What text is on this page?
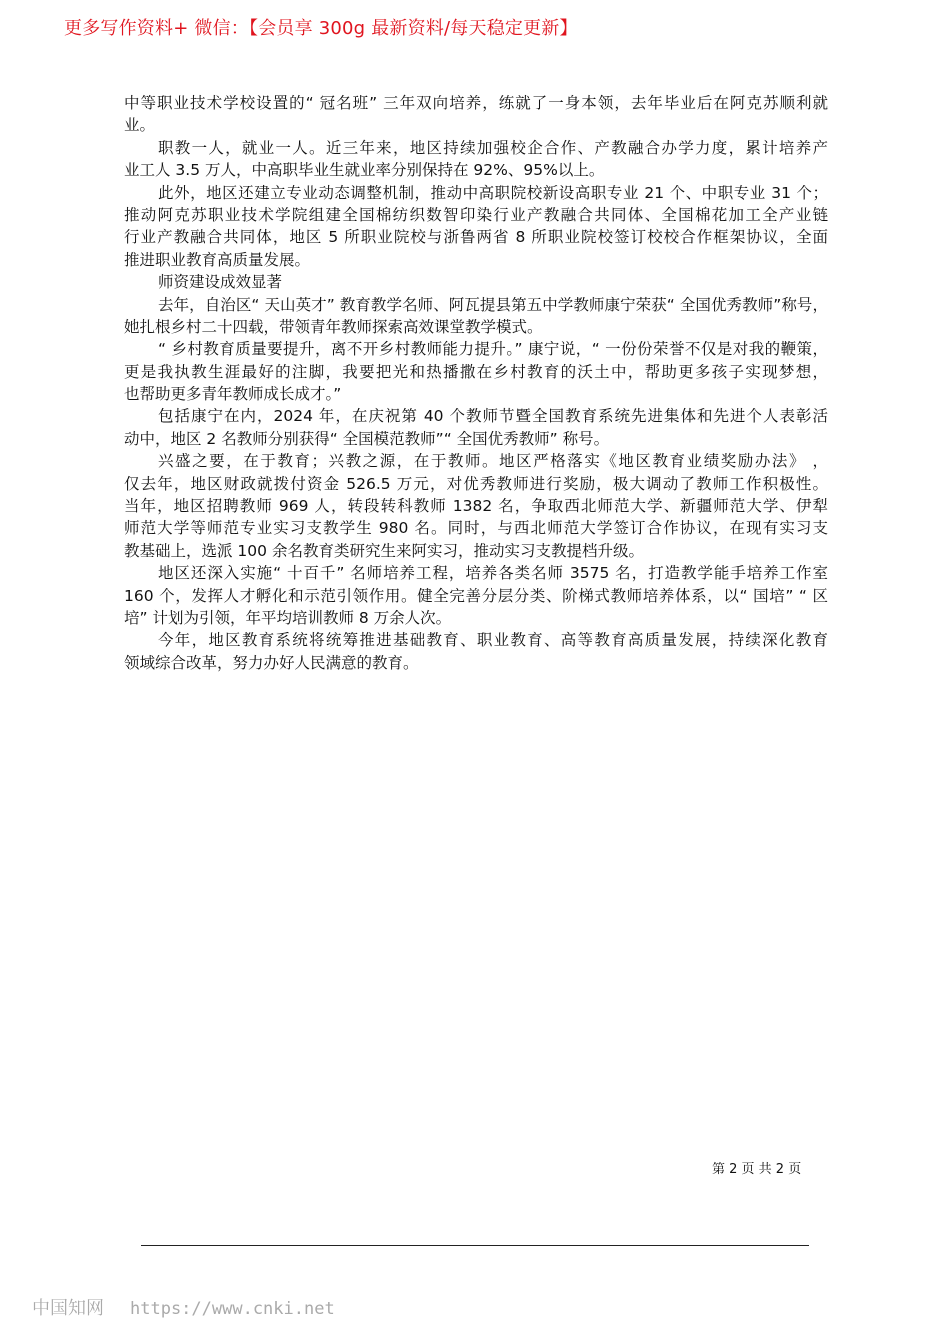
更多写作资料+ 微信：【会员享 300g 最新资料/每天稳定更新】
中等职业技术学校设置的“ 冠名班” 三年双向培养，练就了一身本领，去年毕业后在阿克苏顺利就
业。
职教一人，就业一人。近三年来，地区持续加强校企合作、产教融合办学力度，累计培养产
业工人 3.5 万人，中高职毕业生就业率分别保持在 92%、95%以上。
此外，地区还建立专业动态调整机制，推动中高职院校新设高职专业 21 个、中职专业 31 个；
推动阿克苏职业技术学院组建全国棉纺织数智印染行业产教融合共同体、全国棉花加工全产业链
行业产教融合共同体，地区 5 所职业院校与浙鲁两省 8 所职业院校签订校校合作框架协议，全面
推进职业教育高质量发展。
师资建设成效显著
去年，自治区“ 天山英才” 教育教学名师、阿瓦提县第五中学教师康宁荣获“ 全国优秀教师”称号，
她扎根乡村二十四载，带领青年教师探索高效课堂教学模式。
“ 乡村教育质量要提升，离不开乡村教师能力提升。” 康宁说，“ 一份份荣誉不仅是对我的鞭策，
更是我执教生涯最好的注脚，我要把光和热播撒在乡村教育的沃土中，帮助更多孩子实现梦想，
也帮助更多青年教师成长成才。”
包括康宁在内，2024 年，在庆祝第 40 个教师节暨全国教育系统先进集体和先进个人表彰活
动中，地区 2 名教师分别获得“ 全国模范教师”“ 全国优秀教师” 称号。
兴盛之要，在于教育；兴教之源，在于教师。地区严格落实《地区教育业绩奖励办法》 ，
仅去年，地区财政就拨付资金 526.5 万元，对优秀教师进行奖励，极大调动了教师工作积极性。
当年，地区招聘教师 969 人，转段转科教师 1382 名，争取西北师范大学、新疆师范大学、伊犁
师范大学等师范专业实习支教学生 980 名。同时，与西北师范大学签订合作协议，在现有实习支
教基础上，选派 100 余名教育类研究生来阿实习，推动实习支教提档升级。
地区还深入实施“ 十百千” 名师培养工程，培养各类名师 3575 名，打造教学能手培养工作室
160 个，发挥人才孵化和示范引领作用。健全完善分层分类、阶梯式教师培养体系，以“ 国培” “ 区
培” 计划为引领，年平均培训教师 8 万余人次。
今年，地区教育系统将统筹推进基础教育、职业教育、高等教育高质量发展，持续深化教育
领域综合改革，努力办好人民满意的教育。
第 2 页 共 2 页
中国知网 https://www.cnki.net
